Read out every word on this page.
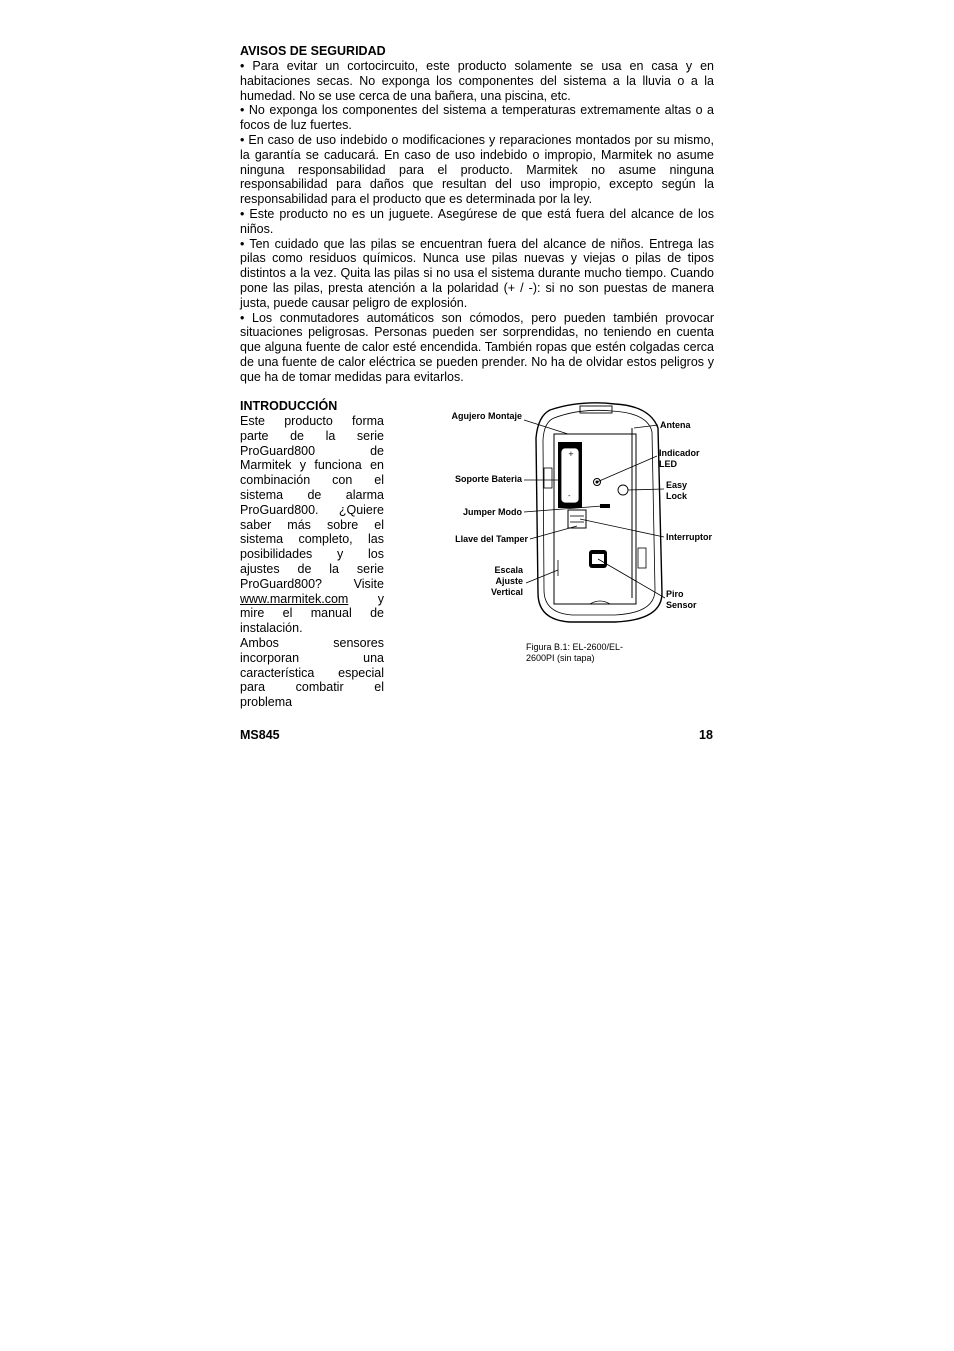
AVISOS DE SEGURIDAD

• Para evitar un cortocircuito, este producto solamente se usa en casa y en habitaciones secas. No exponga los componentes del sistema a la lluvia o a la humedad. No se use cerca de una bañera, una piscina, etc.

• No exponga los componentes del sistema a temperaturas extremamente altas o a focos de luz fuertes.

• En caso de uso indebido o modificaciones y reparaciones montados por su mismo, la garantía se caducará. En caso de uso indebido o impropio, Marmitek no asume ninguna responsabilidad para el producto. Marmitek no asume ninguna responsabilidad para daños que resultan del uso impropio, excepto según la responsabilidad para el producto que es determinada por la ley.

• Este producto no es un juguete. Asegúrese de que está fuera del alcance de los niños.

• Ten cuidado que las pilas se encuentran fuera del alcance de niños. Entrega las pilas como residuos químicos. Nunca use pilas nuevas y viejas o pilas de tipos distintos a la vez. Quita las pilas si no usa el sistema durante mucho tiempo. Cuando pone las pilas, presta atención a la polaridad (+ / -): si no son puestas de manera justa, puede causar peligro de explosión.

• Los conmutadores automáticos son cómodos, pero pueden también provocar situaciones peligrosas. Personas pueden ser sorprendidas, no teniendo en cuenta que alguna fuente de calor esté encendida. También ropas que estén colgadas cerca de una fuente de calor eléctrica se pueden prender. No ha de olvidar estos peligros y que ha de tomar medidas para evitarlos.

INTRODUCCIÓN

Este producto forma parte de la serie ProGuard800 de Marmitek y funciona en combinación con el sistema de alarma ProGuard800. ¿Quiere saber más sobre el sistema completo, las posibilidades y los ajustes de la serie ProGuard800? Visite www.marmitek.com y mire el manual de instalación.

Ambos sensores incorporan una característica especial para combatir el problema

+
-
Agujero Montaje
Antena
Indicador
LED
Soporte Bateria
Easy
Lock
Jumper Modo
Llave del Tamper	Interruptor
Escala
Ajuste
Vertical	Piro
Sensor
Figura B.1: EL-2600/EL-2600PI (sin tapa)
MS845	18
